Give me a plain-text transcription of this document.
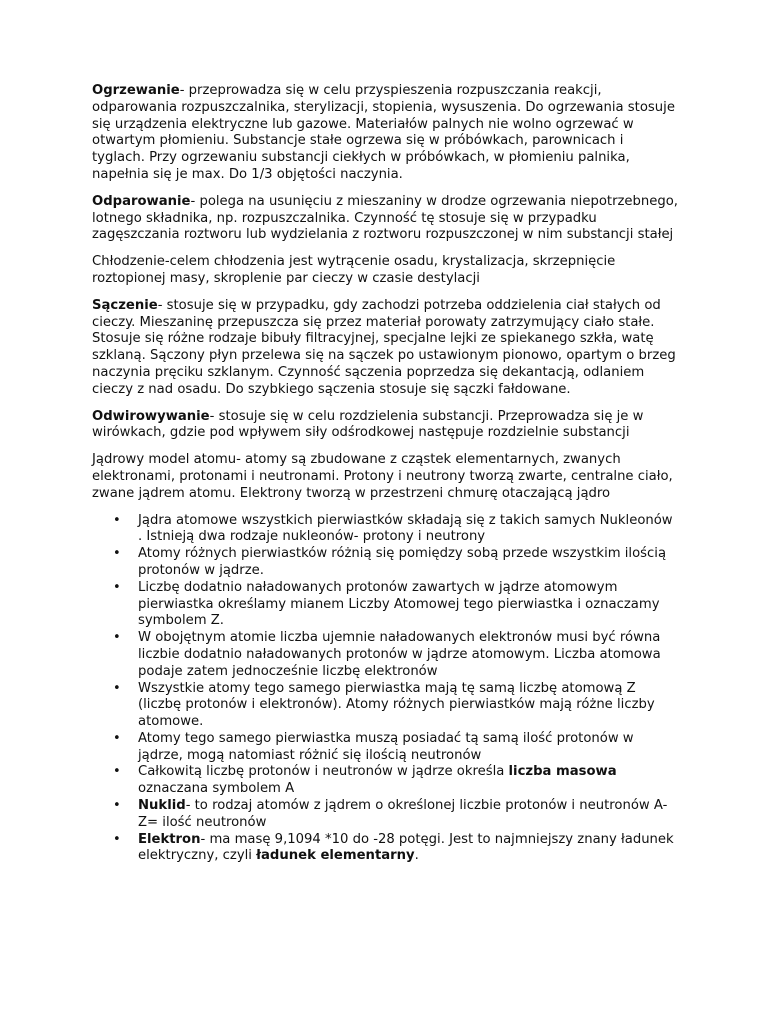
Ogrzewanie- przeprowadza się w celu przyspieszenia rozpuszczania reakcji, odparowania rozpuszczalnika, sterylizacji, stopienia, wysuszenia. Do ogrzewania stosuje się urządzenia elektryczne lub gazowe. Materiałów palnych nie wolno ogrzewać w otwartym płomieniu. Substancje stałe ogrzewa się w próbówkach, parownicach i tyglach. Przy ogrzewaniu substancji ciekłych w próbówkach, w płomieniu palnika, napełnia się je max. Do 1/3 objętości naczynia.

Odparowanie- polega na usunięciu z mieszaniny w drodze ogrzewania niepotrzebnego, lotnego składnika, np. rozpuszczalnika. Czynność tę stosuje się w przypadku zagęszczania roztworu lub wydzielania z roztworu rozpuszczonej w nim substancji stałej

Chłodzenie-celem chłodzenia jest wytrącenie osadu, krystalizacja, skrzepnięcie roztopionej masy, skroplenie par cieczy w czasie destylacji

Sączenie- stosuje się w przypadku, gdy zachodzi potrzeba oddzielenia ciał stałych od cieczy. Mieszaninę przepuszcza się przez materiał porowaty zatrzymujący ciało stałe. Stosuje się różne rodzaje bibuły filtracyjnej, specjalne lejki ze spiekanego szkła, watę szklaną. Sączony płyn przelewa się na sączek po ustawionym pionowo, opartym o brzeg naczynia pręciku szklanym. Czynność sączenia poprzedza się dekantacją, odlaniem cieczy z nad osadu. Do szybkiego sączenia stosuje się sączki fałdowane.

Odwirowywanie- stosuje się w celu rozdzielenia substancji. Przeprowadza się je w wirówkach, gdzie pod wpływem siły odśrodkowej następuje rozdzielnie substancji

Jądrowy model atomu- atomy są zbudowane z cząstek elementarnych, zwanych elektronami, protonami i neutronami. Protony i neutrony tworzą zwarte, centralne ciało, zwane jądrem atomu. Elektrony tworzą w przestrzeni chmurę otaczającą jądro

• Jądra atomowe wszystkich pierwiastków składają się z takich samych Nukleonów . Istnieją dwa rodzaje nukleonów- protony i neutrony
• Atomy różnych pierwiastków różnią się pomiędzy sobą przede wszystkim ilością protonów w jądrze.
• Liczbę dodatnio naładowanych protonów zawartych w jądrze atomowym pierwiastka określamy mianem Liczby Atomowej tego pierwiastka i oznaczamy symbolem Z.
• W obojętnym atomie liczba ujemnie naładowanych elektronów musi być równa liczbie dodatnio naładowanych protonów w jądrze atomowym. Liczba atomowa podaje zatem jednocześnie liczbę elektronów
• Wszystkie atomy tego samego pierwiastka mają tę samą liczbę atomową Z (liczbę protonów i elektronów). Atomy różnych pierwiastków mają różne liczby atomowe.
• Atomy tego samego pierwiastka muszą posiadać tą samą ilość protonów w jądrze, mogą natomiast różnić się ilością neutronów
• Całkowitą liczbę protonów i neutronów w jądrze określa liczba masowa oznaczana symbolem A
• Nuklid- to rodzaj atomów z jądrem o określonej liczbie protonów i neutronów A-Z= ilość neutronów
• Elektron- ma masę 9,1094 *10 do -28 potęgi. Jest to najmniejszy znany ładunek elektryczny, czyli ładunek elementarny.
